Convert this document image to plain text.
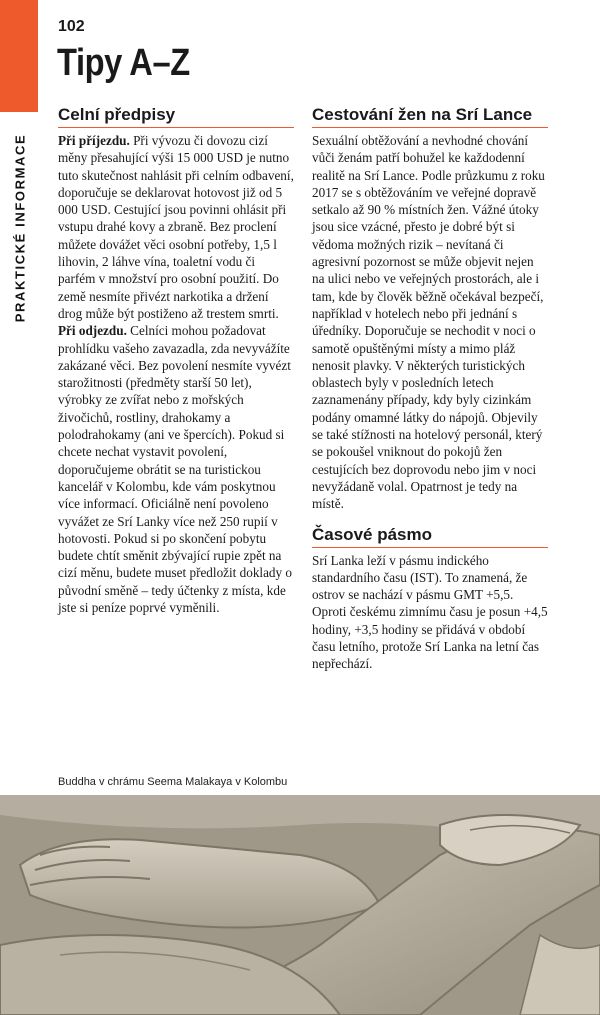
PRAKTICKÉ INFORMACE
102
Tipy A–Z
Celní předpisy

Při příjezdu. Při vývozu či dovozu cizí měny přesahující výši 15 000 USD je nutno tuto skutečnost nahlásit při celním odbavení, doporučuje se deklarovat hotovost již od 5 000 USD. Cestující jsou povinni ohlásit při vstupu drahé kovy a zbraně. Bez proclení můžete dovážet věci osobní potřeby, 1,5 l lihovin, 2 láhve vína, toaletní vodu či parfém v množství pro osobní použití. Do země nesmíte přivézt narkotika a držení drog může být postiženo až trestem smrti.

Při odjezdu. Celníci mohou požadovat prohlídku vašeho zavazadla, zda nevyvážíte zakázané věci. Bez povolení nesmíte vyvézt starožitnosti (předměty starší 50 let), výrobky ze zvířat nebo z mořských živočichů, rostliny, drahokamy a polodrahokamy (ani ve špercích). Pokud si chcete nechat vystavit povolení, doporučujeme obrátit se na turistickou kancelář v Kolombu, kde vám poskytnou více informací. Oficiálně není povoleno vyvážet ze Srí Lanky více než 250 rupií v hotovosti. Pokud si po skončení pobytu budete chtít směnit zbývající rupie zpět na cizí měnu, budete muset předložit doklady o původní směně – tedy účtenky z místa, kde jste si peníze poprvé vyměnili.

Cestování žen na Srí Lance

Sexuální obtěžování a nevhodné chování vůči ženám patří bohužel ke každodenní realitě na Srí Lance. Podle průzkumu z roku 2017 se s obtěžováním ve veřejné dopravě setkalo až 90 % místních žen. Vážné útoky jsou sice vzácné, přesto je dobré být si vědoma možných rizik – nevítaná či agresivní pozornost se může objevit nejen na ulici nebo ve veřejných prostorách, ale i tam, kde by člověk běžně očekával bezpečí, například v hotelech nebo při jednání s úředníky. Doporučuje se nechodit v noci o samotě opuštěnými místy a mimo pláž nenosit plavky. V některých turistických oblastech byly v posledních letech zaznamenány případy, kdy byly cizinkám podány omamné látky do nápojů. Objevily se také stížnosti na hotelový personál, který se pokoušel vniknout do pokojů žen cestujících bez doprovodu nebo jim v noci nevyžádaně volal. Opatrnost je tedy na místě.

Časové pásmo

Srí Lanka leží v pásmu indického standardního času (IST). To znamená, že ostrov se nachází v pásmu GMT +5,5. Oproti českému zimnímu času je posun +4,5 hodiny, +3,5 hodiny se přidává v období času letního, protože Srí Lanka na letní čas nepřechází.

Buddha v chrámu Seema Malakaya v Kolombu
